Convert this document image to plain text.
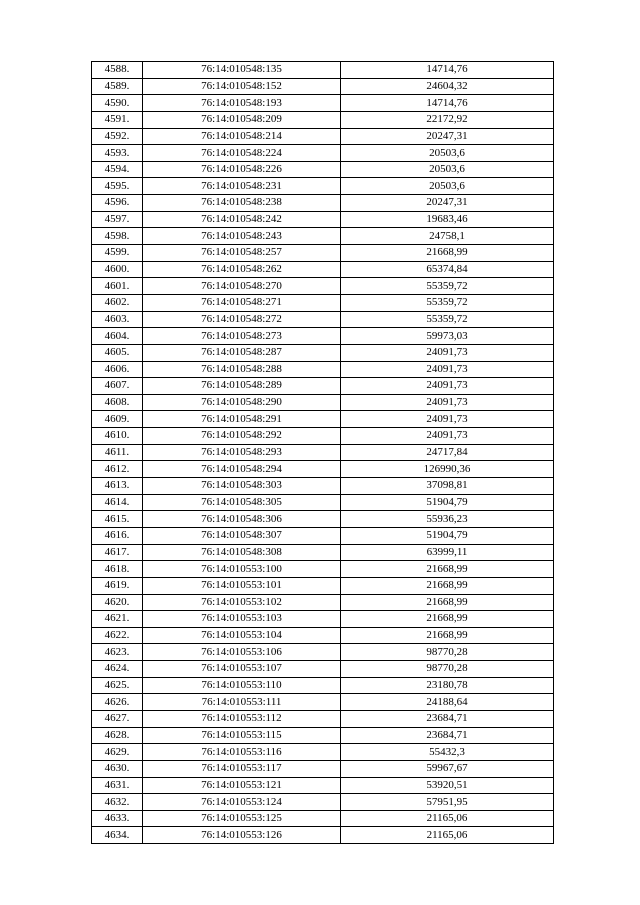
4588.	76:14:010548:135	14714,76
4589.	76:14:010548:152	24604,32
4590.	76:14:010548:193	14714,76
4591.	76:14:010548:209	22172,92
4592.	76:14:010548:214	20247,31
4593.	76:14:010548:224	20503,6
4594.	76:14:010548:226	20503,6
4595.	76:14:010548:231	20503,6
4596.	76:14:010548:238	20247,31
4597.	76:14:010548:242	19683,46
4598.	76:14:010548:243	24758,1
4599.	76:14:010548:257	21668,99
4600.	76:14:010548:262	65374,84
4601.	76:14:010548:270	55359,72
4602.	76:14:010548:271	55359,72
4603.	76:14:010548:272	55359,72
4604.	76:14:010548:273	59973,03
4605.	76:14:010548:287	24091,73
4606.	76:14:010548:288	24091,73
4607.	76:14:010548:289	24091,73
4608.	76:14:010548:290	24091,73
4609.	76:14:010548:291	24091,73
4610.	76:14:010548:292	24091,73
4611.	76:14:010548:293	24717,84
4612.	76:14:010548:294	126990,36
4613.	76:14:010548:303	37098,81
4614.	76:14:010548:305	51904,79
4615.	76:14:010548:306	55936,23
4616.	76:14:010548:307	51904,79
4617.	76:14:010548:308	63999,11
4618.	76:14:010553:100	21668,99
4619.	76:14:010553:101	21668,99
4620.	76:14:010553:102	21668,99
4621.	76:14:010553:103	21668,99
4622.	76:14:010553:104	21668,99
4623.	76:14:010553:106	98770,28
4624.	76:14:010553:107	98770,28
4625.	76:14:010553:110	23180,78
4626.	76:14:010553:111	24188,64
4627.	76:14:010553:112	23684,71
4628.	76:14:010553:115	23684,71
4629.	76:14:010553:116	55432,3
4630.	76:14:010553:117	59967,67
4631.	76:14:010553:121	53920,51
4632.	76:14:010553:124	57951,95
4633.	76:14:010553:125	21165,06
4634.	76:14:010553:126	21165,06
